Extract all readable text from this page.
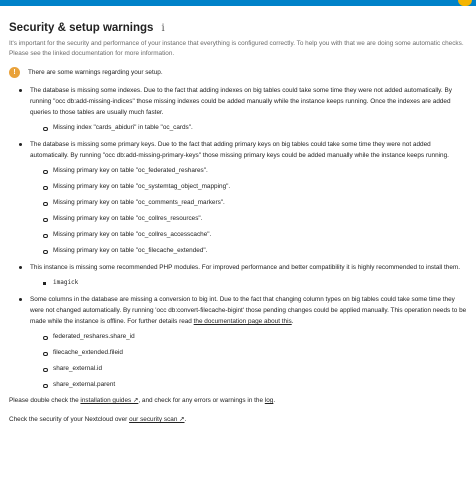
Security & setup warnings i
It's important for the security and performance of your instance that everything is configured correctly. To help you with that we are doing some automatic checks. Please see the linked documentation for more information.
!	There are some warnings regarding your setup.
The database is missing some indexes. Due to the fact that adding indexes on big tables could take some time they were not added automatically. By running "occ db:add-missing-indices" those missing indexes could be added manually while the instance keeps running. Once the indexes are added queries to those tables are usually much faster.
Missing index "cards_abiduri" in table "oc_cards".
The database is missing some primary keys. Due to the fact that adding primary keys on big tables could take some time they were not added automatically. By running "occ db:add-missing-primary-keys" those missing primary keys could be added manually while the instance keeps running.
Missing primary key on table "oc_federated_reshares".
Missing primary key on table "oc_systemtag_object_mapping".
Missing primary key on table "oc_comments_read_markers".
Missing primary key on table "oc_collres_resources".
Missing primary key on table "oc_collres_accesscache".
Missing primary key on table "oc_filecache_extended".
This instance is missing some recommended PHP modules. For improved performance and better compatibility it is highly recommended to install them.
imagick
Some columns in the database are missing a conversion to big int. Due to the fact that changing column types on big tables could take some time they were not changed automatically. By running 'occ db:convert-filecache-bigint' those pending changes could be applied manually. This operation needs to be made while the instance is offline. For further details read the documentation page about this.
federated_reshares.share_id
filecache_extended.fileid
share_external.id
share_external.parent

Please double check the installation guides ↗, and check for any errors or warnings in the log.

Check the security of your Nextcloud over our security scan ↗.
